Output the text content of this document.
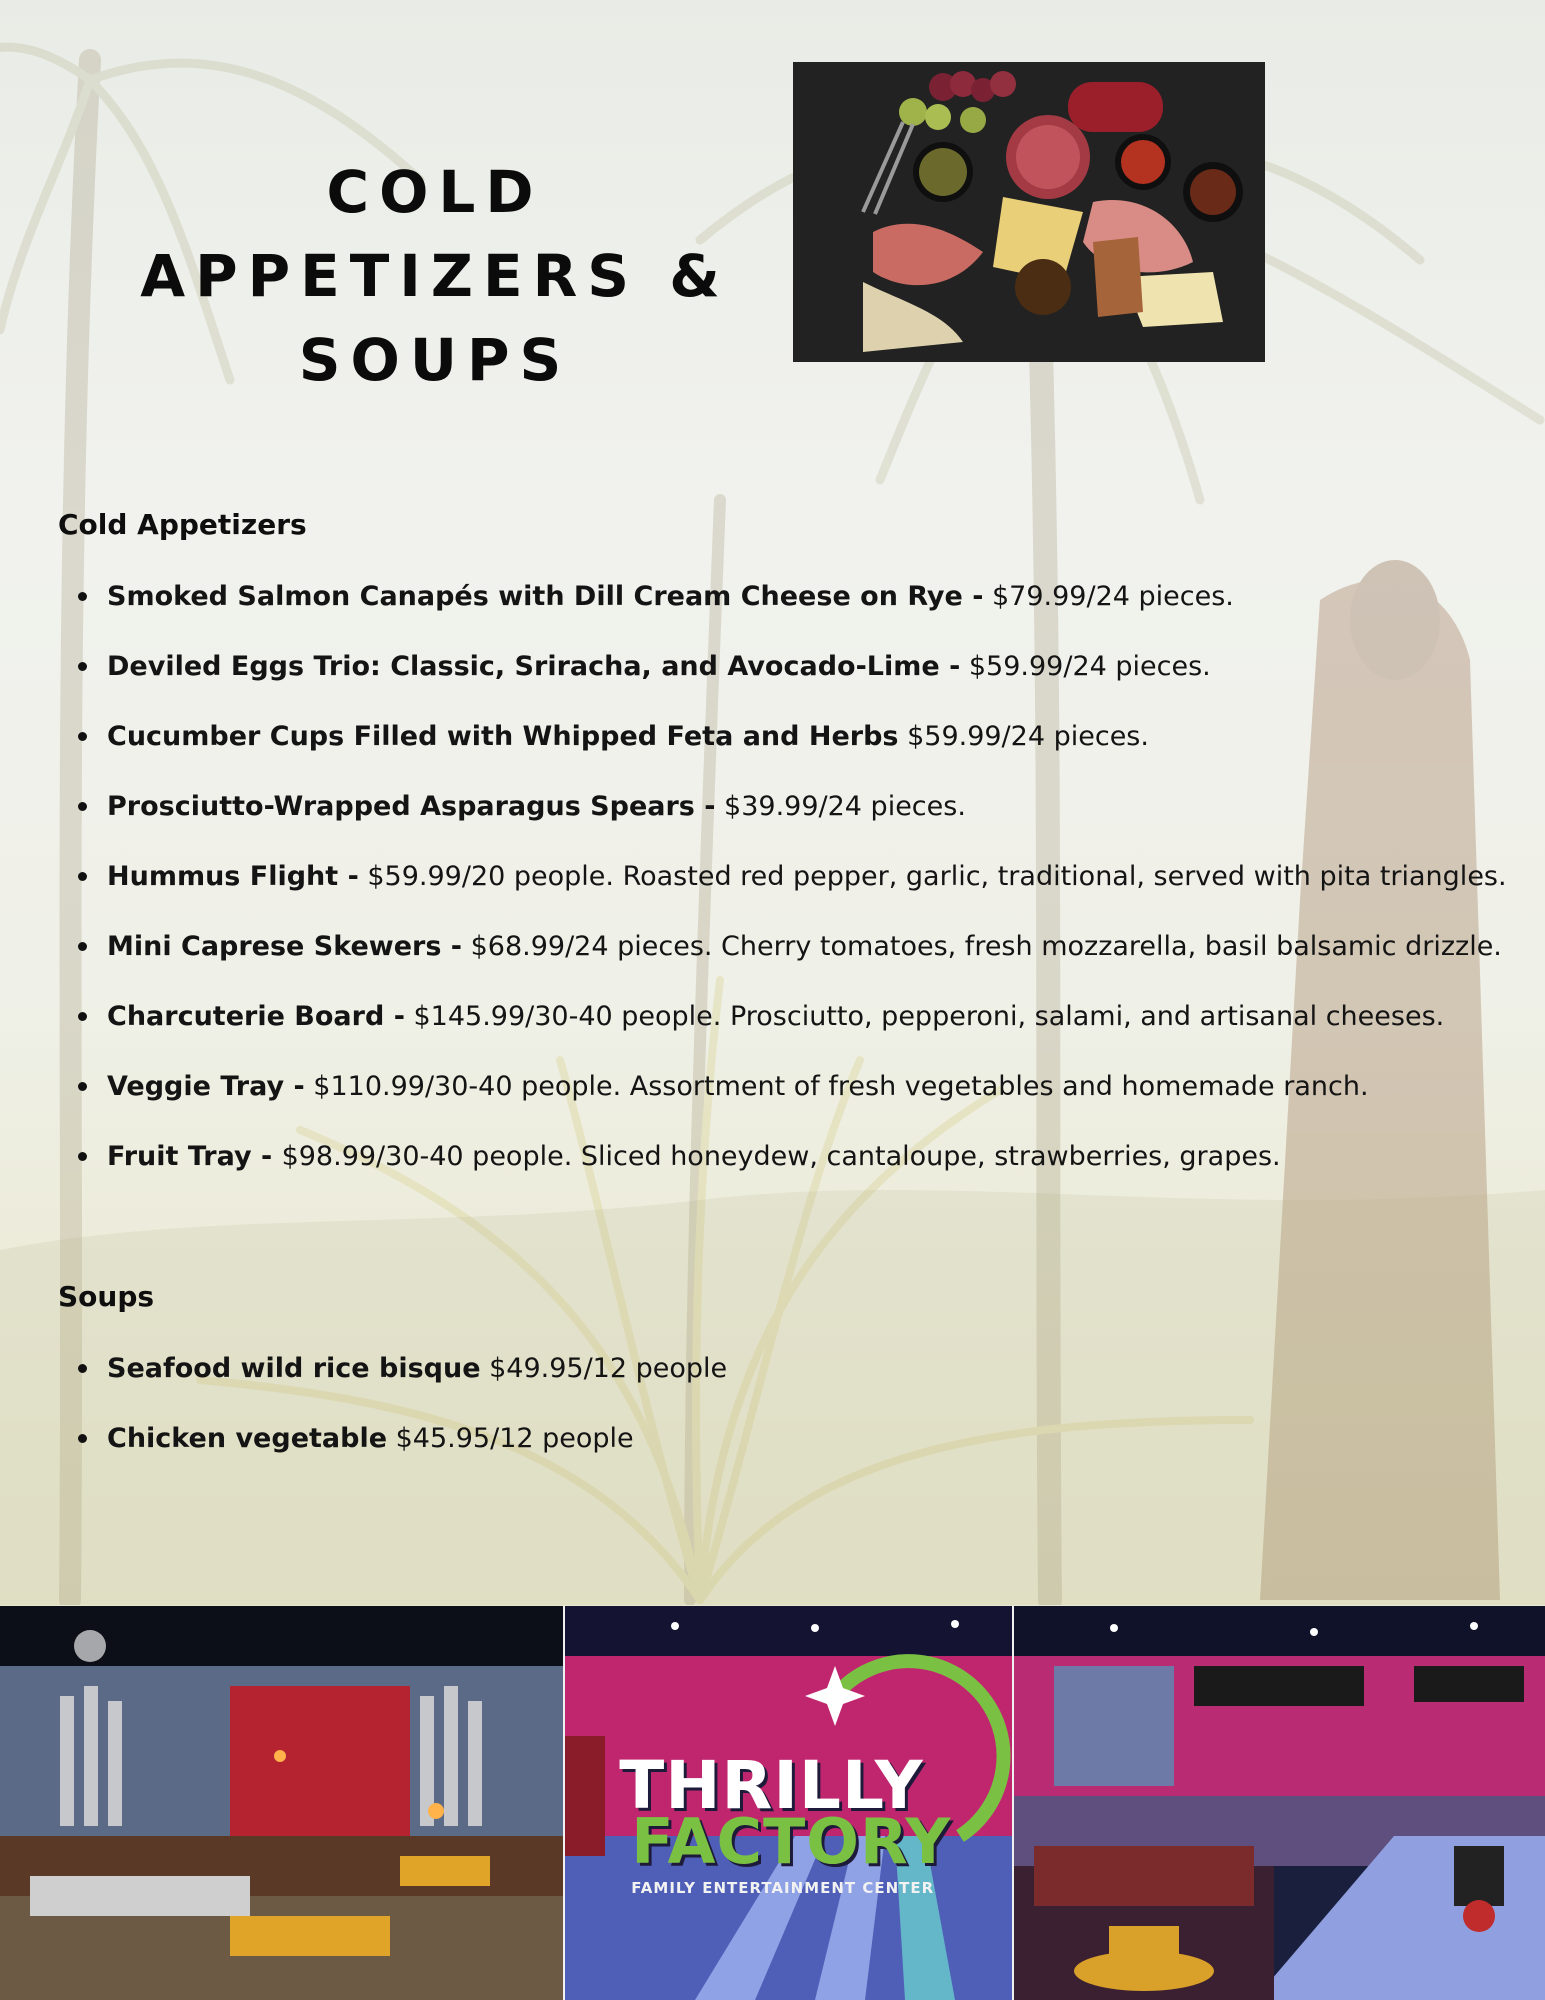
COLD APPETIZERS & SOUPS
Cold Appetizers
Smoked Salmon Canapés with Dill Cream Cheese on Rye - $79.99/24 pieces.
Deviled Eggs Trio: Classic, Sriracha, and Avocado-Lime - $59.99/24 pieces.
Cucumber Cups Filled with Whipped Feta and Herbs $59.99/24 pieces.
Prosciutto-Wrapped Asparagus Spears - $39.99/24 pieces.
Hummus Flight - $59.99/20 people. Roasted red pepper, garlic, traditional, served with pita triangles.
Mini Caprese Skewers - $68.99/24 pieces. Cherry tomatoes, fresh mozzarella, basil balsamic drizzle.
Charcuterie Board - $145.99/30-40 people. Prosciutto, pepperoni, salami, and artisanal cheeses.
Veggie Tray - $110.99/30-40 people. Assortment of fresh vegetables and homemade ranch.
Fruit Tray - $98.99/30-40 people. Sliced honeydew, cantaloupe, strawberries, grapes.
Soups
Seafood wild rice bisque $49.95/12 people
Chicken vegetable $45.95/12 people
THRILLY
FACTORY
FAMILY ENTERTAINMENT CENTER
